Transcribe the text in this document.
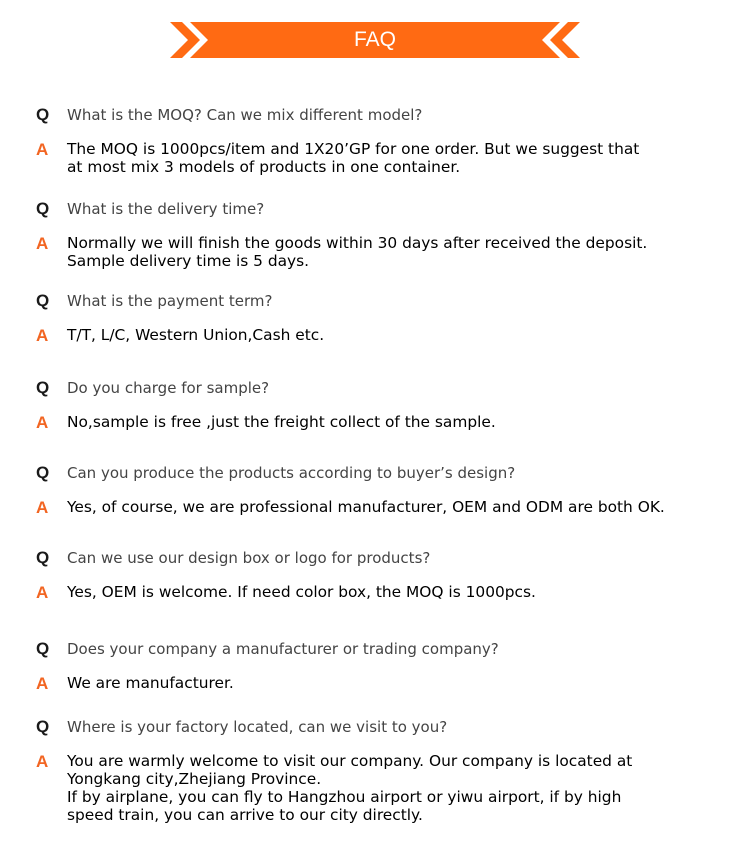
FAQ
Q	What is the MOQ? Can we mix different model?
A	The MOQ is 1000pcs/item and 1X20’GP for one order. But we suggest that
at most mix 3 models of products in one container.
Q	What is the delivery time?
A	Normally we will finish the goods within 30 days after received the deposit.
Sample delivery time is 5 days.
Q	What is the payment term?
A	T/T, L/C, Western Union,Cash etc.
Q	Do you charge for sample?
A	No,sample is free ,just the freight collect of the sample.
Q	Can you produce the products according to buyer’s design?
A	Yes, of course, we are professional manufacturer, OEM and ODM are both OK.
Q	Can we use our design box or logo for products?
A	Yes, OEM is welcome. If need color box, the MOQ is 1000pcs.
Q	Does your company a manufacturer or trading company?
A	We are manufacturer.
Q	Where is your factory located, can we visit to you?
A	You are warmly welcome to visit our company. Our company is located at
Yongkang city,Zhejiang Province.
If by airplane, you can fly to Hangzhou airport or yiwu airport, if by high
speed train, you can arrive to our city directly.
